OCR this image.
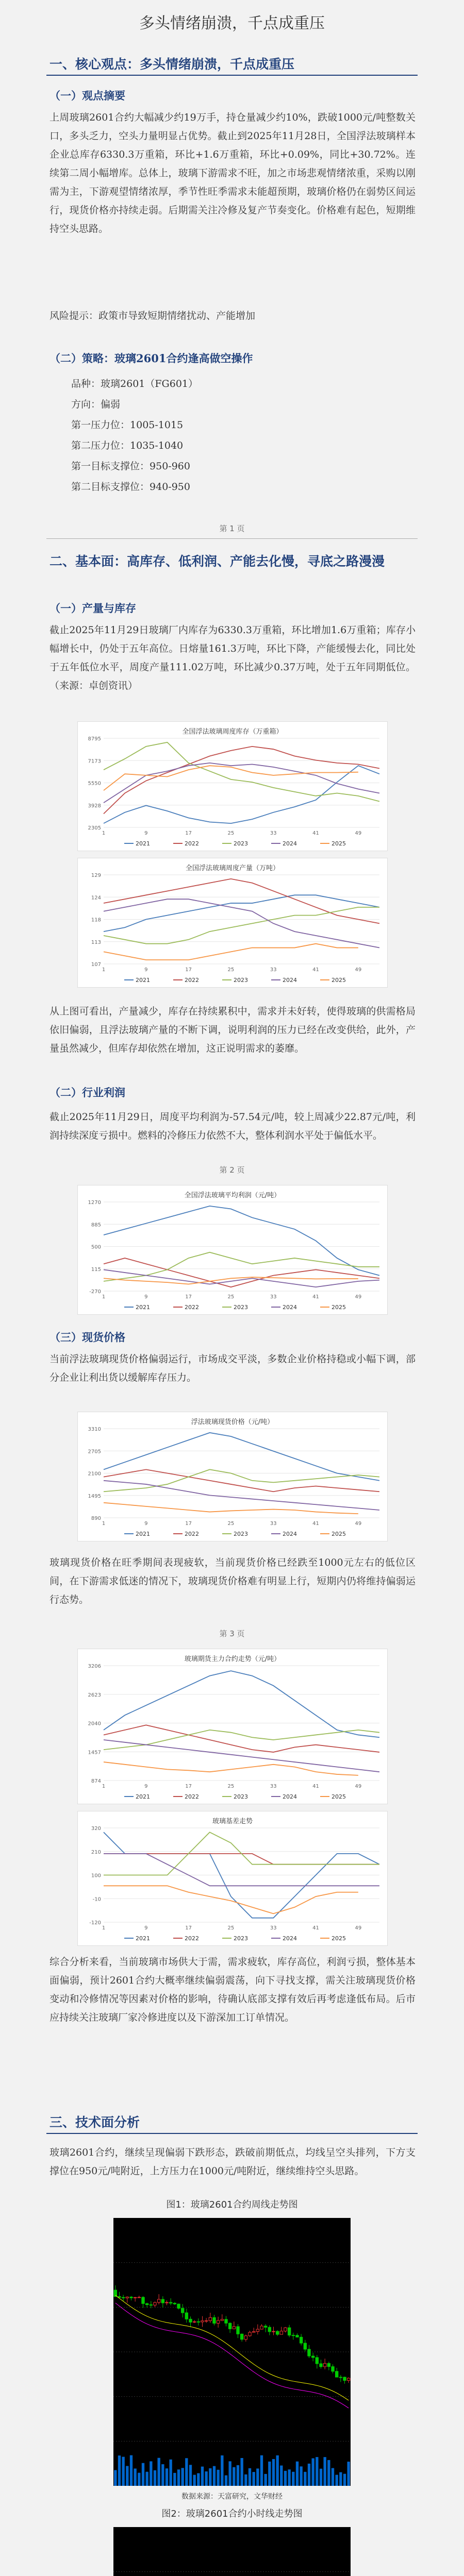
多头情绪崩溃，千点成重压
一、核心观点：多头情绪崩溃，千点成重压
（一）观点摘要

上周玻璃2601合约大幅减少约19万手，持仓量减少约10%，跌破1000元/吨整数关口，多头乏力，空头力量明显占优势。截止到2025年11月28日，全国浮法玻璃样本企业总库存6330.3万重箱，环比+1.6万重箱，环比+0.09%，同比+30.72%。连续第二周小幅增库。总体上，玻璃下游需求不旺，加之市场悲观情绪浓重，采购以刚需为主，下游观望情绪浓厚，季节性旺季需求未能超预期，玻璃价格仍在弱势区间运行，现货价格亦持续走弱。后期需关注冷修及复产节奏变化。价格难有起色，短期维持空头思路。

风险提示：政策市导致短期情绪扰动、产能增加
（二）策略：玻璃2601合约逢高做空操作
品种：玻璃2601（FG601）
方向：偏弱
第一压力位：1005-1015
第二压力位：1035-1040
第一目标支撑位：950-960
第二目标支撑位：940-950
第 1 页
二、基本面：高库存、低利润、产能去化慢，寻底之路漫漫
（一）产量与库存
截止2025年11月29日玻璃厂内库存为6330.3万重箱，环比增加1.6万重箱；库存小幅增长中，仍处于五年高位。日熔量161.3万吨，环比下降，产能缓慢去化，同比处于五年低位水平，周度产量111.02万吨，环比减少0.37万吨，处于五年同期低位。（来源：卓创资讯）
全国浮法玻璃周度库存（万重箱）
2305
3928
5550
7173
8795
1	9	17	25	33	41	49
2021	2022	2023	2024	2025
全国浮法玻璃周度产量（万吨）
107
113
118
124
129
1	9	17	25	33	41	49
2021	2022	2023	2024	2025
从上图可看出，产量减少，库存在持续累积中，需求并未好转，使得玻璃的供需格局依旧偏弱，且浮法玻璃产量的不断下调，说明利润的压力已经在改变供给，此外，产量虽然减少，但库存却依然在增加，这正说明需求的萎靡。
（二）行业利润
截止2025年11月29日，周度平均利润为-57.54元/吨，较上周减少22.87元/吨，利润持续深度亏损中。燃料的冷修压力依然不大，整体利润水平处于偏低水平。
第 2 页
全国浮法玻璃平均利润（元/吨）
-270
115
500
885
1270
1	9	17	25	33	41	49
2021	2022	2023	2024	2025
（三）现货价格
当前浮法玻璃现货价格偏弱运行，市场成交平淡，多数企业价格持稳或小幅下调，部分企业让利出货以缓解库存压力。
浮法玻璃现货价格（元/吨）
890
1495
2100
2705
3310
1	9	17	25	33	41	49
2021	2022	2023	2024	2025
玻璃现货价格在旺季期间表现疲软，当前现货价格已经跌至1000元左右的低位区间，在下游需求低迷的情况下，玻璃现货价格难有明显上行，短期内仍将维持偏弱运行态势。
第 3 页
玻璃期货主力合约走势（元/吨）
874
1457
2040
2623
3206
1	9	17	25	33	41	49
2021	2022	2023	2024	2025
玻璃基差走势
-120
-10
100
210
320
1	9	17	25	33	41	49
2021	2022	2023	2024	2025
综合分析来看，当前玻璃市场供大于需，需求疲软，库存高位，利润亏损，整体基本面偏弱，预计2601合约大概率继续偏弱震荡，向下寻找支撑，需关注玻璃现货价格变动和冷修情况等因素对价格的影响，待确认底部支撑有效后再考虑逢低布局。后市应持续关注玻璃厂家冷修进度以及下游深加工订单情况。
三、技术面分析
玻璃2601合约，继续呈现偏弱下跌形态，跌破前期低点，均线呈空头排列，下方支撑位在950元/吨附近，上方压力在1000元/吨附近，继续维持空头思路。
图1：玻璃2601合约周线走势图
数据来源：天富研究，文华财经
图2：玻璃2601合约小时线走势图
